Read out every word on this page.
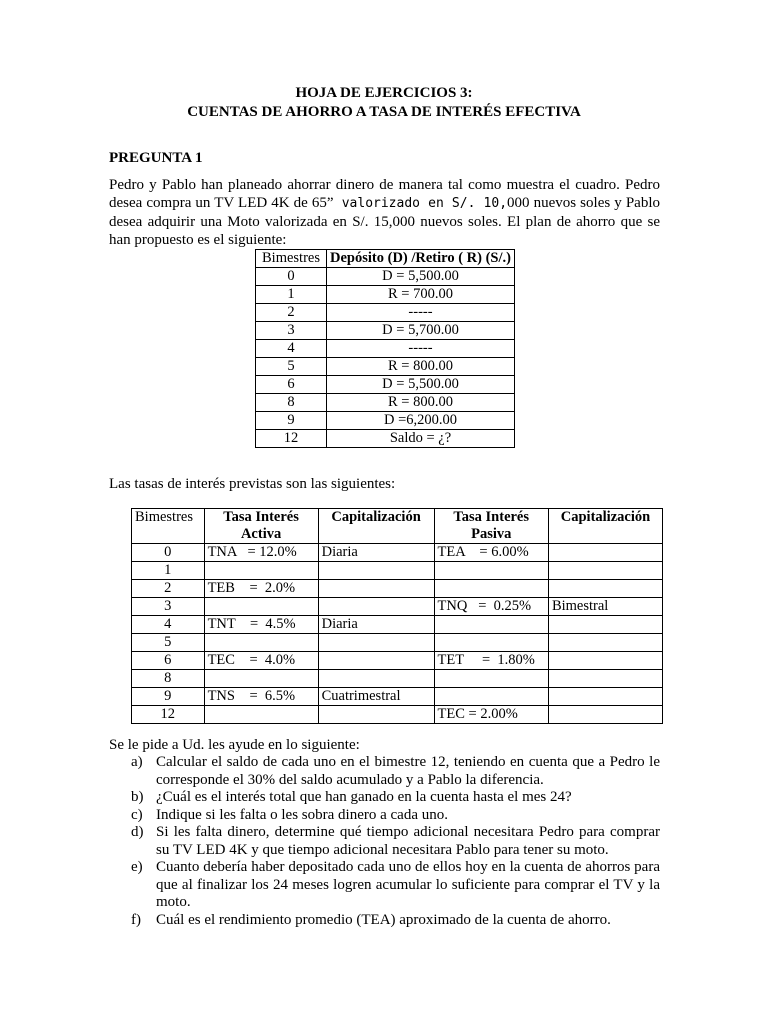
HOJA DE EJERCICIOS 3:
CUENTAS DE AHORRO A TASA DE INTERÉS EFECTIVA
PREGUNTA 1
Pedro y Pablo han planeado ahorrar dinero de manera tal como muestra el cuadro. Pedro desea compra un TV LED 4K de 65” valorizado en S/. 10,000 nuevos soles y Pablo desea adquirir una Moto valorizada en S/. 15,000 nuevos soles. El plan de ahorro que se han propuesto es el siguiente:
Bimestres	Depósito (D) /Retiro ( R) (S/.)
0	D = 5,500.00
1	R = 700.00
2	-----
3	D = 5,700.00
4	-----
5	R = 800.00
6	D = 5,500.00
8	R = 800.00
9	D =6,200.00
12	Saldo = ¿?
Las tasas de interés previstas son las siguientes:
Bimestres	Tasa Interés Activa	Capitalización	Tasa Interés Pasiva	Capitalización
0	TNA   = 12.0%	Diaria	TEA    = 6.00%	
1				
2	TEB    =  2.0%			
3			TNQ   =  0.25%	Bimestral
4	TNT    =  4.5%	Diaria		
5				
6	TEC    =  4.0%		TET     =  1.80%	
8				
9	TNS    =  6.5%	Cuatrimestral		
12			TEC = 2.00%	
Se le pide a Ud. les ayude en lo siguiente:
a) Calcular el saldo de cada uno en el bimestre 12, teniendo en cuenta que a Pedro le corresponde el 30% del saldo acumulado y a Pablo la diferencia.
b) ¿Cuál es el interés total que han ganado en la cuenta hasta el mes 24?
c) Indique si les falta o les sobra dinero a cada uno.
d) Si les falta dinero, determine qué tiempo adicional necesitara Pedro para comprar su TV LED 4K y que tiempo adicional necesitara Pablo para tener su moto.
e) Cuanto debería haber depositado cada uno de ellos hoy en la cuenta de ahorros para que al finalizar los 24 meses logren acumular lo suficiente para comprar el TV y la moto.
f) Cuál es el rendimiento promedio (TEA) aproximado de la cuenta de ahorro.
